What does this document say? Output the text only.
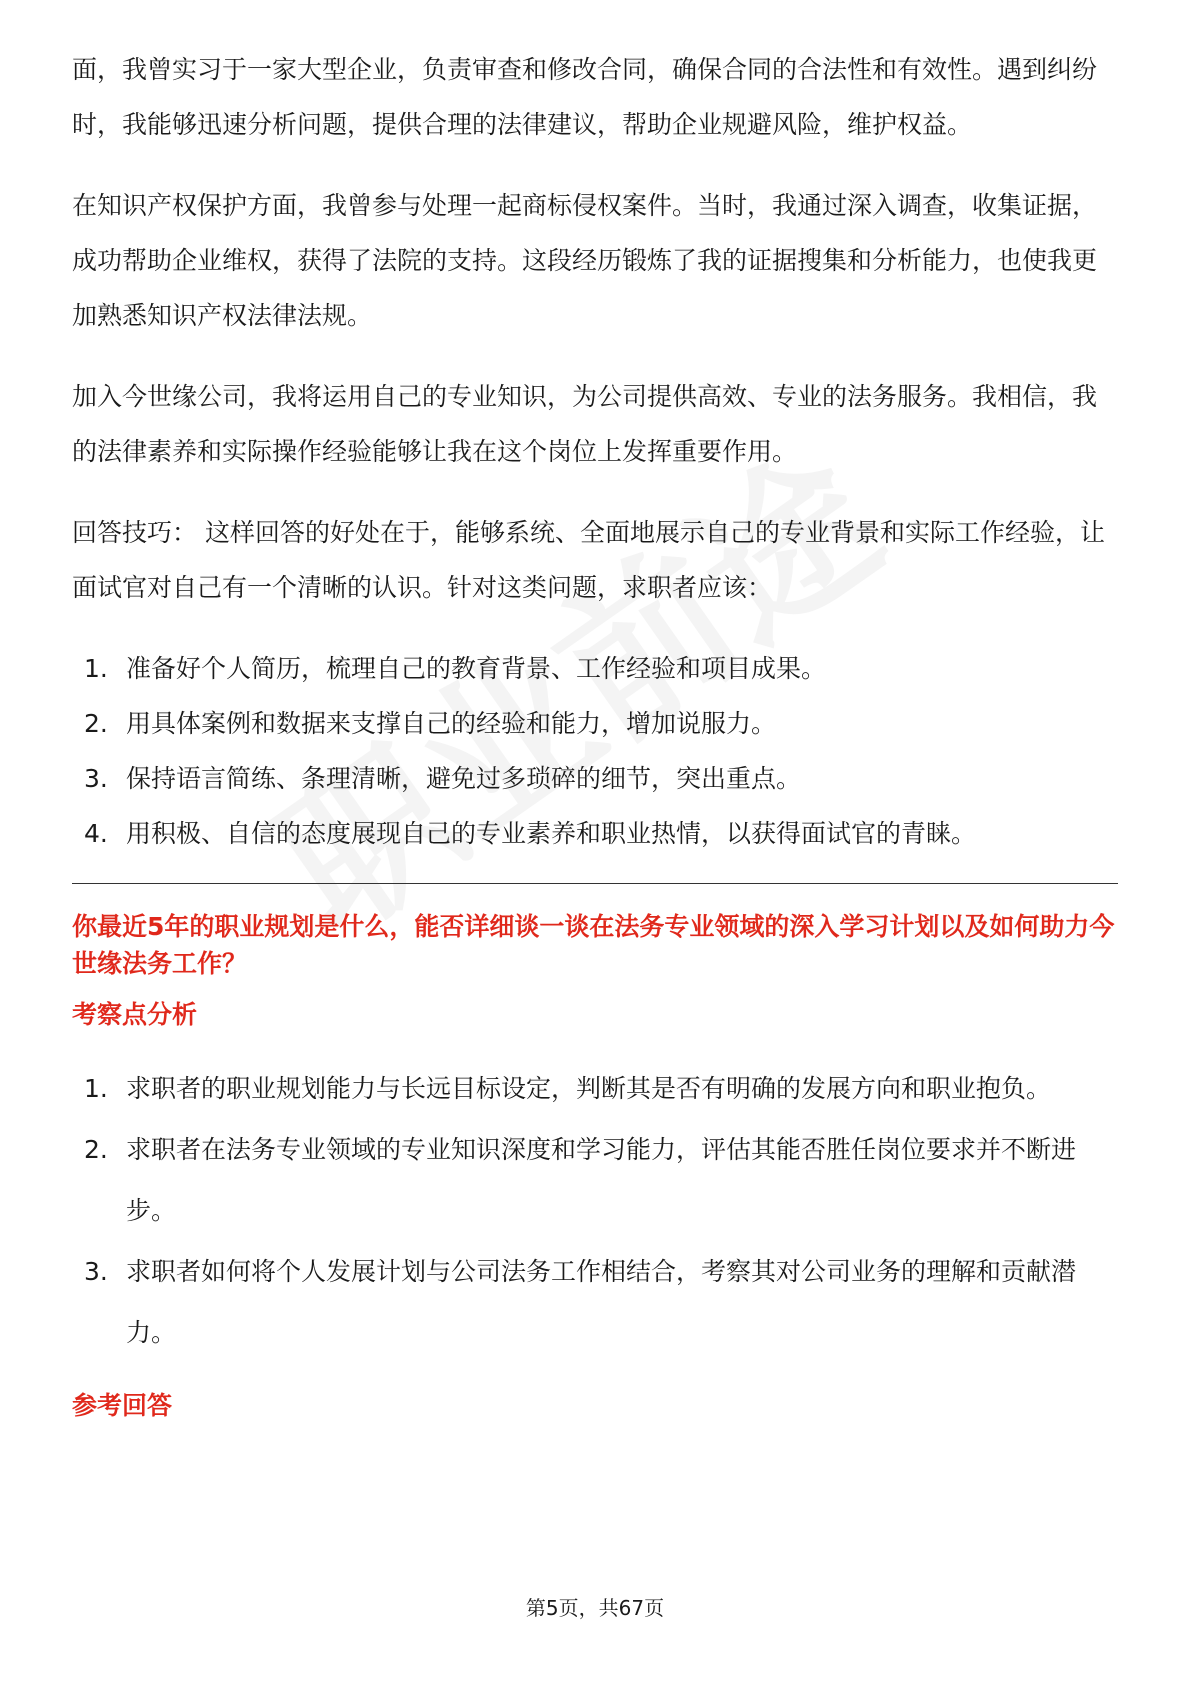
面，我曾实习于一家大型企业，负责审查和修改合同，确保合同的合法性和有效性。遇到纠纷时，我能够迅速分析问题，提供合理的法律建议，帮助企业规避风险，维护权益。

在知识产权保护方面，我曾参与处理一起商标侵权案件。当时，我通过深入调查，收集证据，成功帮助企业维权，获得了法院的支持。这段经历锻炼了我的证据搜集和分析能力，也使我更加熟悉知识产权法律法规。

加入今世缘公司，我将运用自己的专业知识，为公司提供高效、专业的法务服务。我相信，我的法律素养和实际操作经验能够让我在这个岗位上发挥重要作用。

回答技巧： 这样回答的好处在于，能够系统、全面地展示自己的专业背景和实际工作经验，让面试官对自己有一个清晰的认识。针对这类问题，求职者应该：

1. 准备好个人简历，梳理自己的教育背景、工作经验和项目成果。
2. 用具体案例和数据来支撑自己的经验和能力，增加说服力。
3. 保持语言简练、条理清晰，避免过多琐碎的细节，突出重点。
4. 用积极、自信的态度展现自己的专业素养和职业热情，以获得面试官的青睐。
你最近5年的职业规划是什么，能否详细谈一谈在法务专业领域的深入学习计划以及如何助力今世缘法务工作？
考察点分析
1. 求职者的职业规划能力与长远目标设定，判断其是否有明确的发展方向和职业抱负。
2. 求职者在法务专业领域的专业知识深度和学习能力，评估其能否胜任岗位要求并不断进步。
3. 求职者如何将个人发展计划与公司法务工作相结合，考察其对公司业务的理解和贡献潜力。
参考回答
第5页，共67页
